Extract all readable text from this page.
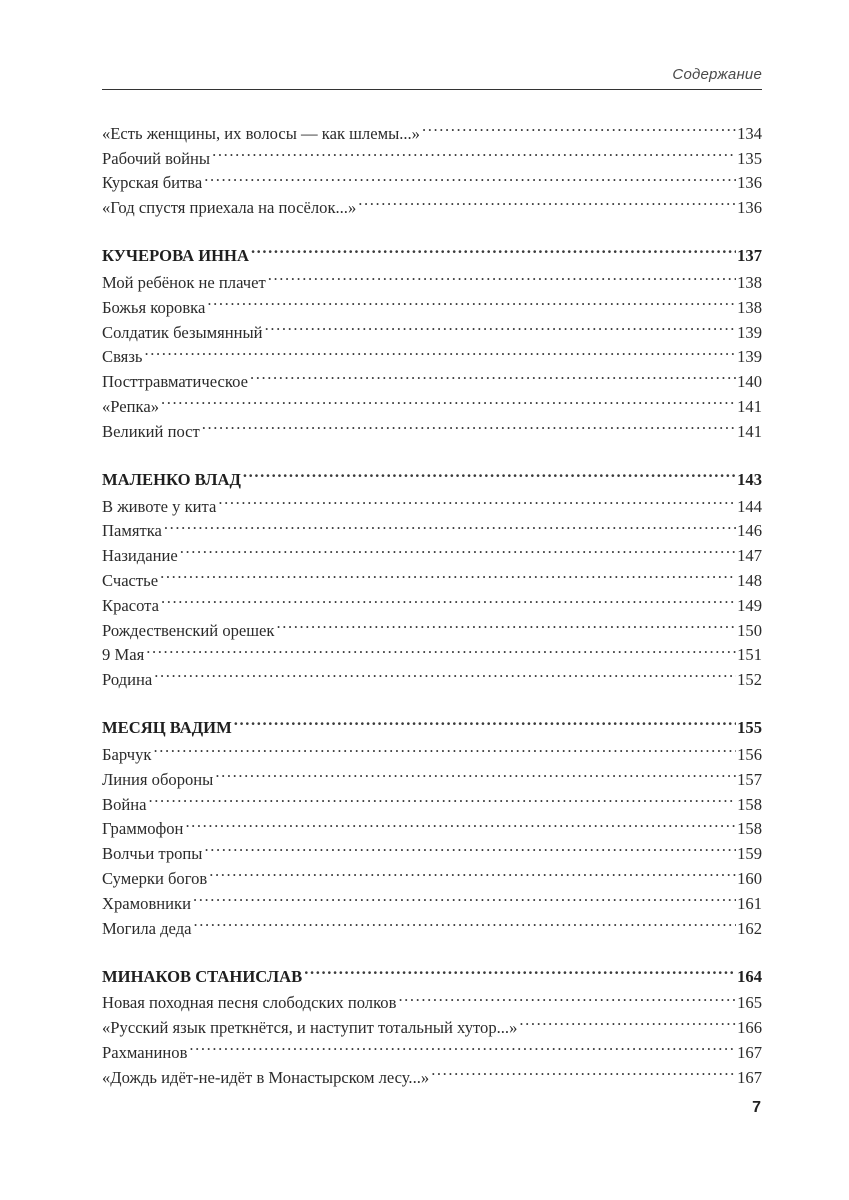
Содержание
«Есть женщины, их волосы — как шлемы...» .....	134
Рабочий войны .....	135
Курская битва .....	136
«Год спустя приехала на посёлок...» .....	136
КУЧЕРОВА ИННА .....	137
Мой ребёнок не плачет .....	138
Божья коровка .....	138
Солдатик безымянный .....	139
Связь .....	139
Посттравматическое .....	140
«Репка» .....	141
Великий пост .....	141
МАЛЕНКО ВЛАД .....	143
В животе у кита .....	144
Памятка .....	146
Назидание .....	147
Счастье .....	148
Красота .....	149
Рождественский орешек .....	150
9 Мая .....	151
Родина .....	152
МЕСЯЦ ВАДИМ .....	155
Барчук .....	156
Линия обороны .....	157
Война .....	158
Граммофон .....	158
Волчьи тропы .....	159
Сумерки богов .....	160
Храмовники .....	161
Могила деда .....	162
МИНАКОВ СТАНИСЛАВ .....	164
Новая походная песня слободских полков .....	165
«Русский язык преткнётся, и наступит тотальный хутор...» .....	166
Рахманинов .....	167
«Дождь идёт-не-идёт в Монастырском лесу...» .....	167
7
